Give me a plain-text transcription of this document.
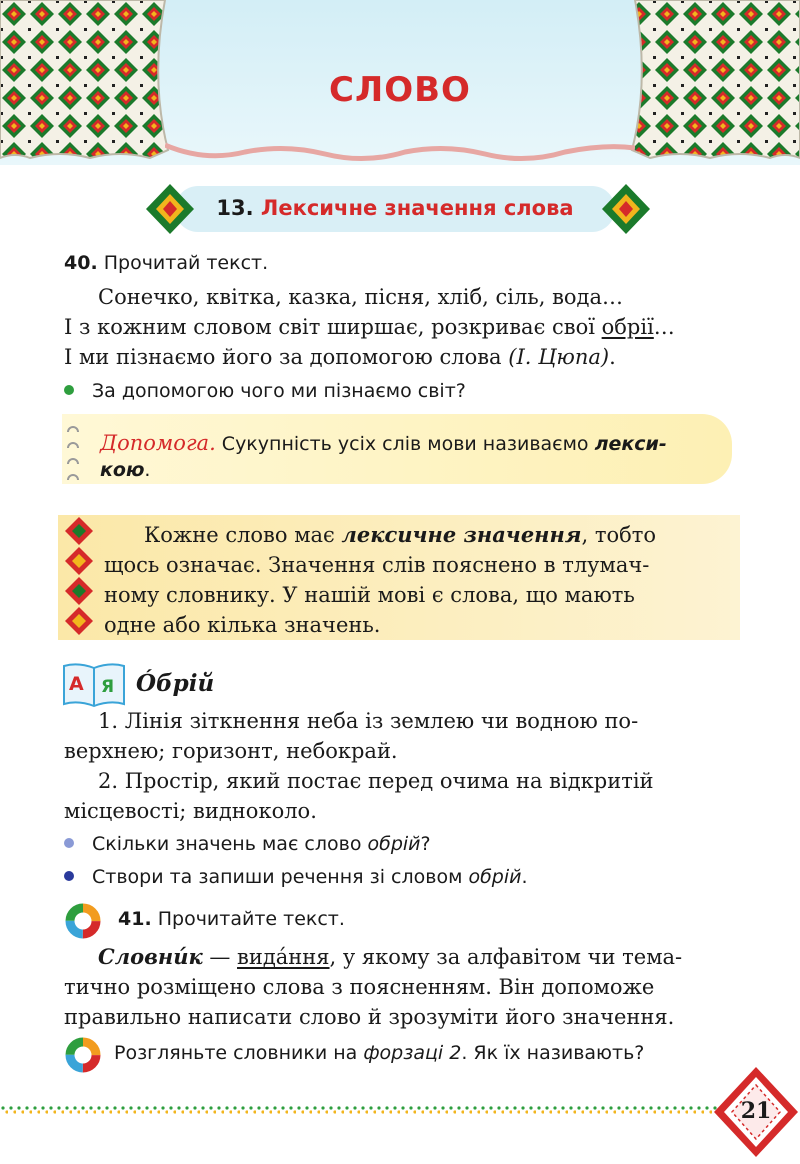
СЛОВО
13. Лексичне значення слова
40. Прочитай текст.
Сонечко, квітка, казка, пісня, хліб, сіль, вода…
І з кожним словом світ ширшає, розкриває свої обрії…
І ми пізнаємо його за допомогою слова (І. Цюпа).
За допомогою чого ми пізнаємо світ?
Допомога. Сукупність усіх слів мови називаємо лекси-
кою.
Кожне слово має лексичне значення, тобто
щось означає. Значення слів пояснено в тлумач-
ному словнику. У нашій мові є слова, що мають
одне або кілька значень.
А Я Óбрій
1. Лінія зіткнення неба із землею чи водною по-
верхнею; горизонт, небокрай.
2. Простір, який постає перед очима на відкритій
місцевості; видноколо.
Скільки значень має слово обрій?
Створи та запиши речення зі словом обрій.
41. Прочитайте текст.
Словнúк — видáння, у якому за алфавітом чи тема-
тично розміщено слова з поясненням. Він допоможе
правильно написати слово й зрозуміти його значення.
Розгляньте словники на форзаці 2. Як їх називають?
21
